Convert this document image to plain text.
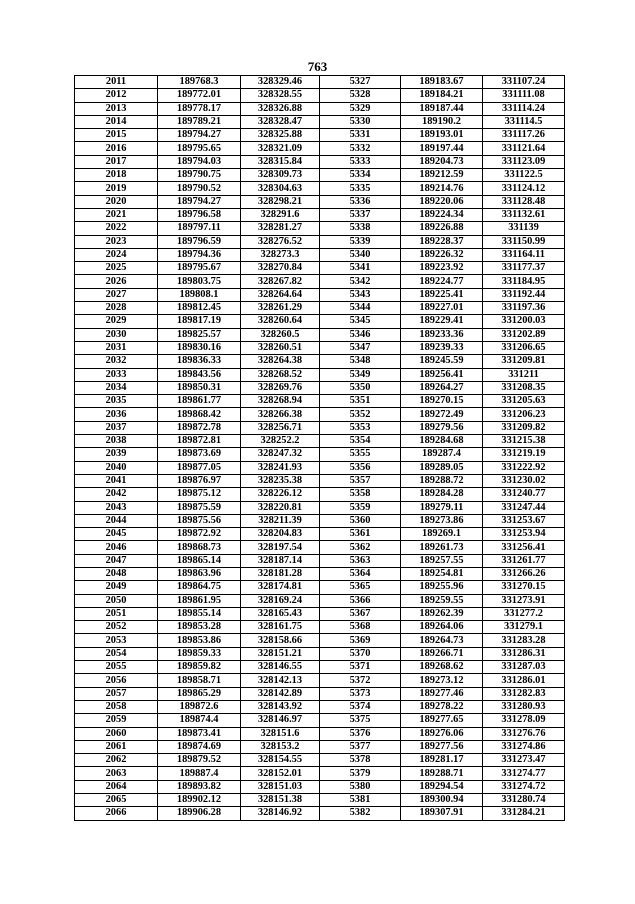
763
2011	189768.3	328329.46	5327	189183.67	331107.24
2012	189772.01	328328.55	5328	189184.21	331111.08
2013	189778.17	328326.88	5329	189187.44	331114.24
2014	189789.21	328328.47	5330	189190.2	331114.5
2015	189794.27	328325.88	5331	189193.01	331117.26
2016	189795.65	328321.09	5332	189197.44	331121.64
2017	189794.03	328315.84	5333	189204.73	331123.09
2018	189790.75	328309.73	5334	189212.59	331122.5
2019	189790.52	328304.63	5335	189214.76	331124.12
2020	189794.27	328298.21	5336	189220.06	331128.48
2021	189796.58	328291.6	5337	189224.34	331132.61
2022	189797.11	328281.27	5338	189226.88	331139
2023	189796.59	328276.52	5339	189228.37	331150.99
2024	189794.36	328273.3	5340	189226.32	331164.11
2025	189795.67	328270.84	5341	189223.92	331177.37
2026	189803.75	328267.82	5342	189224.77	331184.95
2027	189808.1	328264.64	5343	189225.41	331192.44
2028	189812.45	328261.29	5344	189227.01	331197.36
2029	189817.19	328260.64	5345	189229.41	331200.03
2030	189825.57	328260.5	5346	189233.36	331202.89
2031	189830.16	328260.51	5347	189239.33	331206.65
2032	189836.33	328264.38	5348	189245.59	331209.81
2033	189843.56	328268.52	5349	189256.41	331211
2034	189850.31	328269.76	5350	189264.27	331208.35
2035	189861.77	328268.94	5351	189270.15	331205.63
2036	189868.42	328266.38	5352	189272.49	331206.23
2037	189872.78	328256.71	5353	189279.56	331209.82
2038	189872.81	328252.2	5354	189284.68	331215.38
2039	189873.69	328247.32	5355	189287.4	331219.19
2040	189877.05	328241.93	5356	189289.05	331222.92
2041	189876.97	328235.38	5357	189288.72	331230.02
2042	189875.12	328226.12	5358	189284.28	331240.77
2043	189875.59	328220.81	5359	189279.11	331247.44
2044	189875.56	328211.39	5360	189273.86	331253.67
2045	189872.92	328204.83	5361	189269.1	331253.94
2046	189868.73	328197.54	5362	189261.73	331256.41
2047	189865.14	328187.14	5363	189257.55	331261.77
2048	189863.96	328181.28	5364	189254.81	331266.26
2049	189864.75	328174.81	5365	189255.96	331270.15
2050	189861.95	328169.24	5366	189259.55	331273.91
2051	189855.14	328165.43	5367	189262.39	331277.2
2052	189853.28	328161.75	5368	189264.06	331279.1
2053	189853.86	328158.66	5369	189264.73	331283.28
2054	189859.33	328151.21	5370	189266.71	331286.31
2055	189859.82	328146.55	5371	189268.62	331287.03
2056	189858.71	328142.13	5372	189273.12	331286.01
2057	189865.29	328142.89	5373	189277.46	331282.83
2058	189872.6	328143.92	5374	189278.22	331280.93
2059	189874.4	328146.97	5375	189277.65	331278.09
2060	189873.41	328151.6	5376	189276.06	331276.76
2061	189874.69	328153.2	5377	189277.56	331274.86
2062	189879.52	328154.55	5378	189281.17	331273.47
2063	189887.4	328152.01	5379	189288.71	331274.77
2064	189893.82	328151.03	5380	189294.54	331274.72
2065	189902.12	328151.38	5381	189300.94	331280.74
2066	189906.28	328146.92	5382	189307.91	331284.21
